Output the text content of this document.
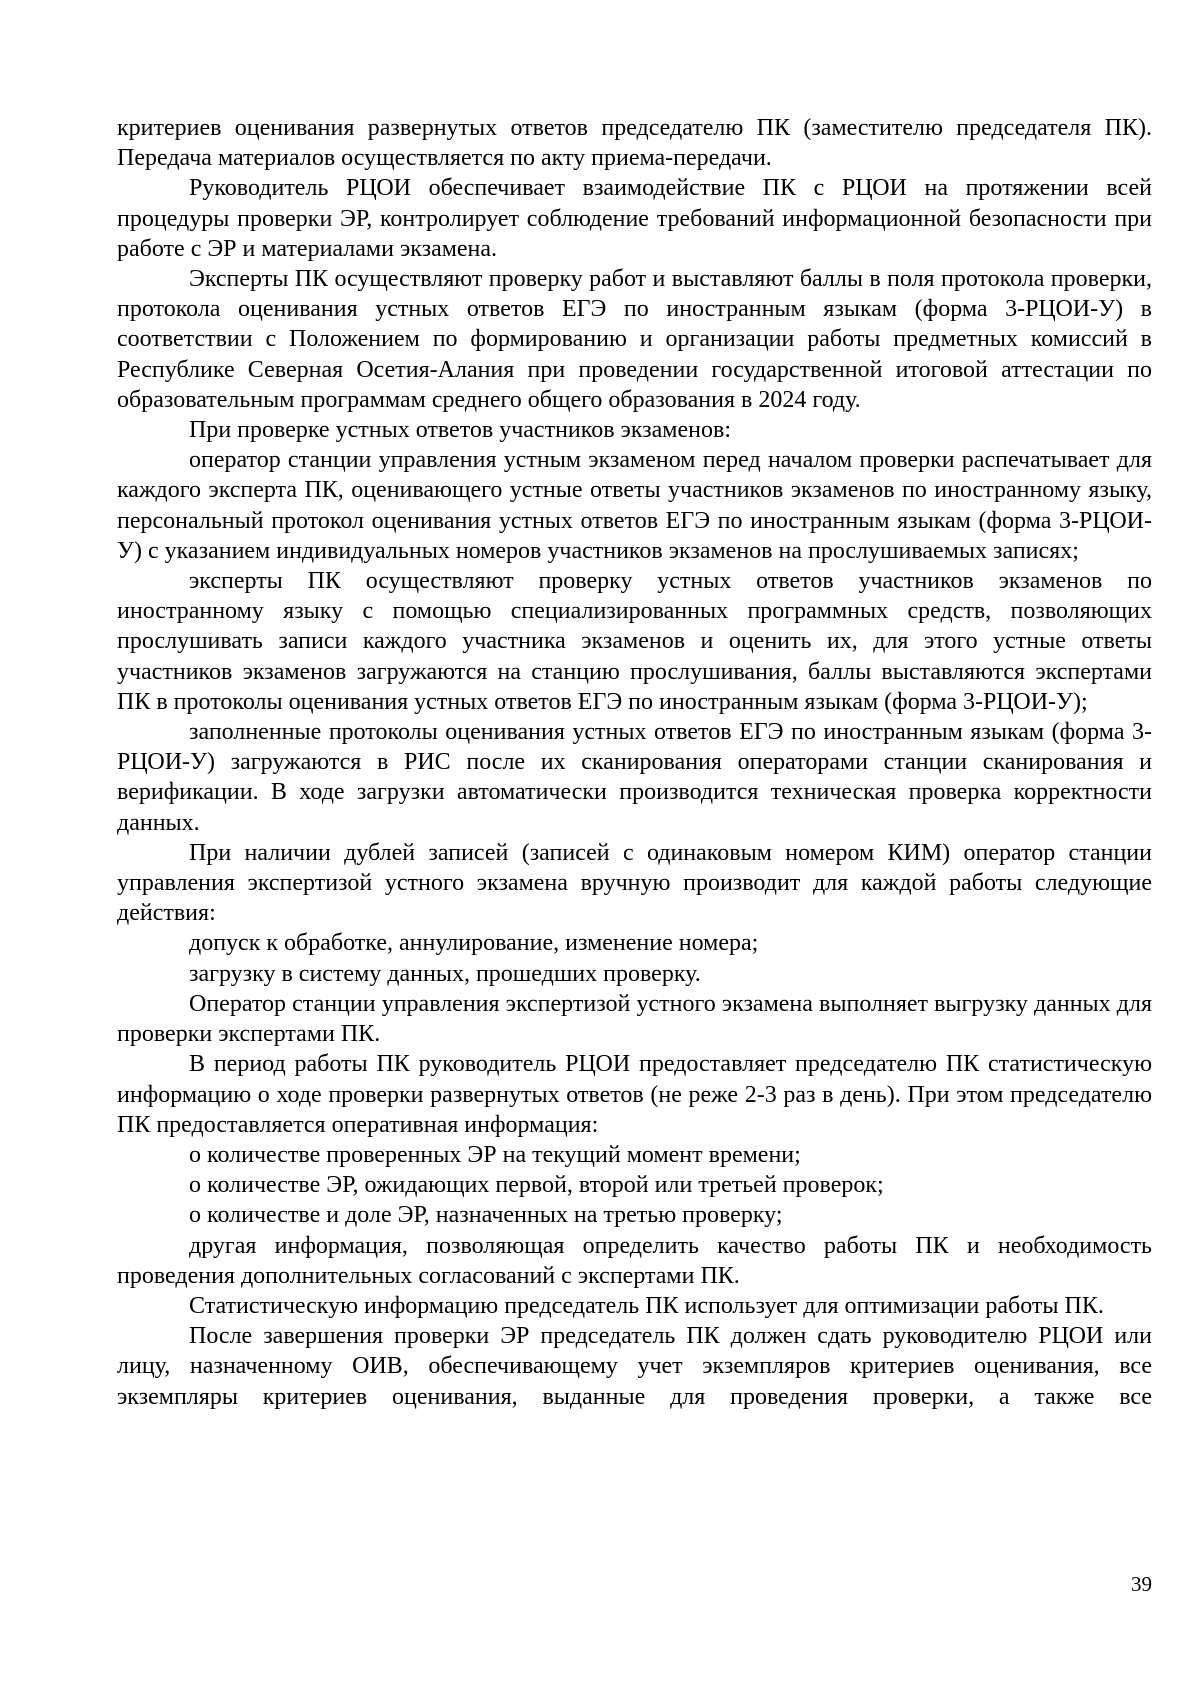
критериев оценивания развернутых ответов председателю ПК (заместителю председателя ПК). Передача материалов осуществляется по акту приема-передачи.

Руководитель РЦОИ обеспечивает взаимодействие ПК с РЦОИ на протяжении всей процедуры проверки ЭР, контролирует соблюдение требований информационной безопасности при работе с ЭР и материалами экзамена.

Эксперты ПК осуществляют проверку работ и выставляют баллы в поля протокола проверки, протокола оценивания устных ответов ЕГЭ по иностранным языкам (форма 3-РЦОИ-У) в соответствии с Положением по формированию и организации работы предметных комиссий в Республике Северная Осетия-Алания при проведении государственной итоговой аттестации по образовательным программам среднего общего образования в 2024 году.

При проверке устных ответов участников экзаменов:

оператор станции управления устным экзаменом перед началом проверки распечатывает для каждого эксперта ПК, оценивающего устные ответы участников экзаменов по иностранному языку, персональный протокол оценивания устных ответов ЕГЭ по иностранным языкам (форма 3-РЦОИ-У) с указанием индивидуальных номеров участников экзаменов на прослушиваемых записях;

эксперты ПК осуществляют проверку устных ответов участников экзаменов по иностранному языку с помощью специализированных программных средств, позволяющих прослушивать записи каждого участника экзаменов и оценить их, для этого устные ответы участников экзаменов загружаются на станцию прослушивания, баллы выставляются экспертами ПК в протоколы оценивания устных ответов ЕГЭ по иностранным языкам (форма 3-РЦОИ-У);

заполненные протоколы оценивания устных ответов ЕГЭ по иностранным языкам (форма 3-РЦОИ-У) загружаются в РИС после их сканирования операторами станции сканирования и верификации. В ходе загрузки автоматически производится техническая проверка корректности данных.

При наличии дублей записей (записей с одинаковым номером КИМ) оператор станции управления экспертизой устного экзамена вручную производит для каждой работы следующие действия:

допуск к обработке, аннулирование, изменение номера;

загрузку в систему данных, прошедших проверку.

Оператор станции управления экспертизой устного экзамена выполняет выгрузку данных для проверки экспертами ПК.

В период работы ПК руководитель РЦОИ предоставляет председателю ПК статистическую информацию о ходе проверки развернутых ответов (не реже 2-3 раз в день). При этом председателю ПК предоставляется оперативная информация:

о количестве проверенных ЭР на текущий момент времени;

о количестве ЭР, ожидающих первой, второй или третьей проверок;

о количестве и доле ЭР, назначенных на третью проверку;

другая информация, позволяющая определить качество работы ПК и необходимость проведения дополнительных согласований с экспертами ПК.

Статистическую информацию председатель ПК использует для оптимизации работы ПК.

После завершения проверки ЭР председатель ПК должен сдать руководителю РЦОИ или лицу, назначенному ОИВ, обеспечивающему учет экземпляров критериев оценивания, все экземпляры критериев оценивания, выданные для проведения проверки, а также все

39
